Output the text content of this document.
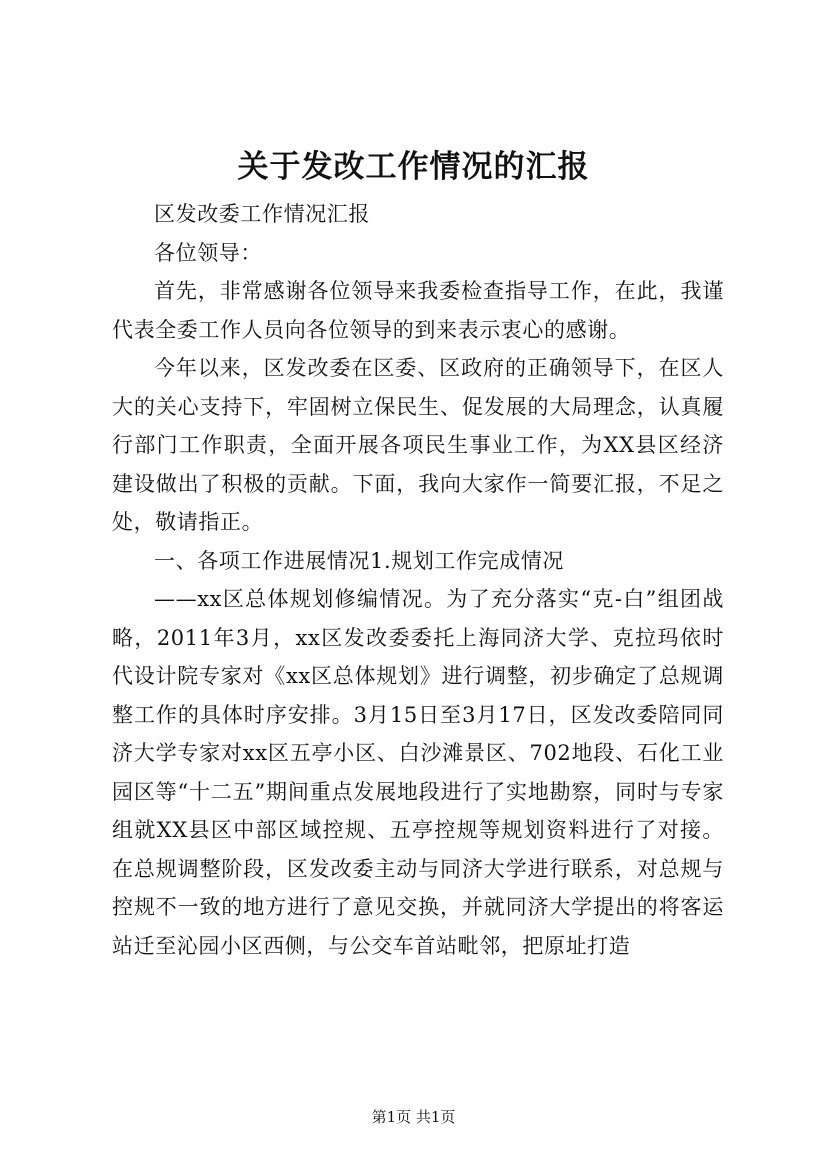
关于发改工作情况的汇报

区发改委工作情况汇报

各位领导：

首先，非常感谢各位领导来我委检查指导工作，在此，我谨代表全委工作人员向各位领导的到来表示衷心的感谢。

今年以来，区发改委在区委、区政府的正确领导下，在区人大的关心支持下，牢固树立保民生、促发展的大局理念，认真履行部门工作职责，全面开展各项民生事业工作，为XX县区经济建设做出了积极的贡献。下面，我向大家作一简要汇报，不足之处，敬请指正。

一、各项工作进展情况1.规划工作完成情况

——xx区总体规划修编情况。为了充分落实“克-白”组团战略，2011年3月，xx区发改委委托上海同济大学、克拉玛依时代设计院专家对《xx区总体规划》进行调整，初步确定了总规调整工作的具体时序安排。3月15日至3月17日，区发改委陪同同济大学专家对xx区五亭小区、白沙滩景区、702地段、石化工业园区等“十二五”期间重点发展地段进行了实地勘察，同时与专家组就XX县区中部区域控规、五亭控规等规划资料进行了对接。在总规调整阶段，区发改委主动与同济大学进行联系，对总规与控规不一致的地方进行了意见交换，并就同济大学提出的将客运站迁至沁园小区西侧，与公交车首站毗邻，把原址打造

第1页 共1页
